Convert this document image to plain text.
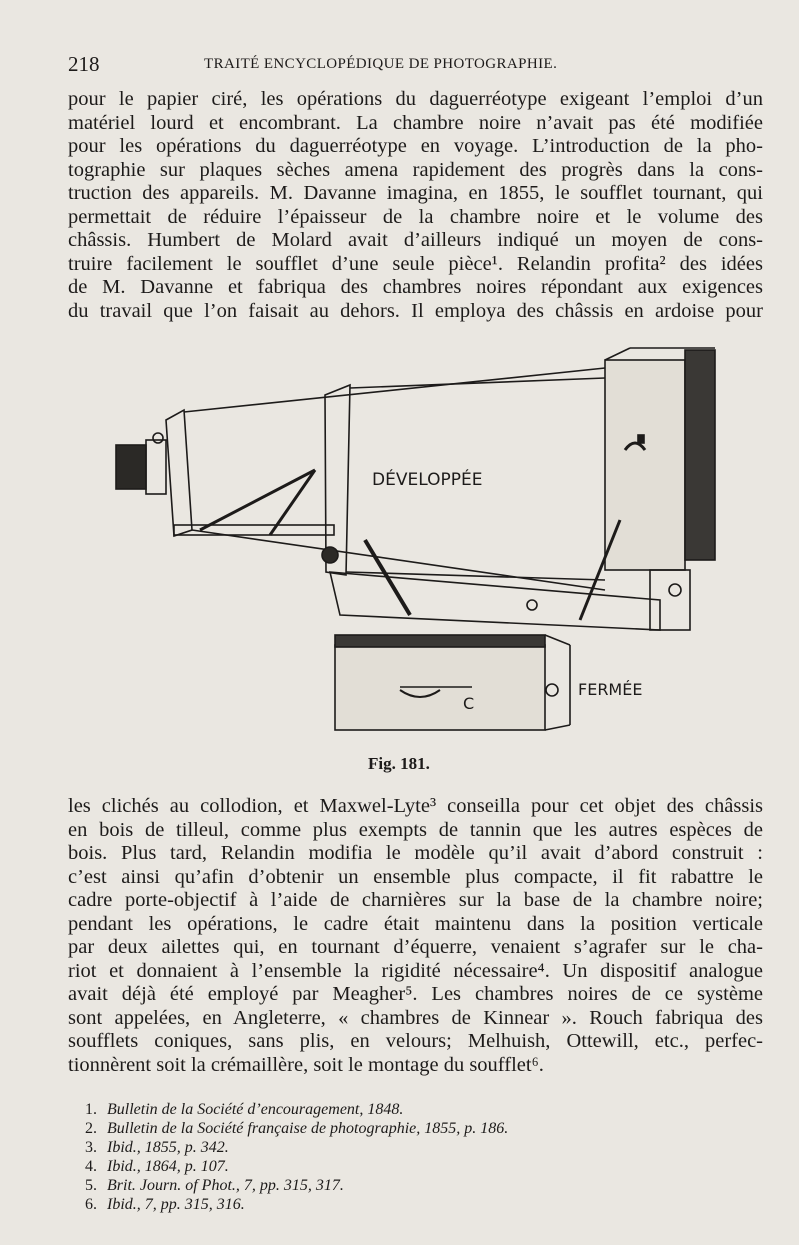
218	TRAITÉ ENCYCLOPÉDIQUE DE PHOTOGRAPHIE.
pour le papier ciré, les opérations du daguerréotype exigeant l’emploi d’un
matériel lourd et encombrant. La chambre noire n’avait pas été modifiée
pour les opérations du daguerréotype en voyage. L’introduction de la pho-
tographie sur plaques sèches amena rapidement des progrès dans la cons-
truction des appareils. M. Davanne imagina, en 1855, le soufflet tournant, qui
permettait de réduire l’épaisseur de la chambre noire et le volume des
châssis. Humbert de Molard avait d’ailleurs indiqué un moyen de cons-
truire facilement le soufflet d’une seule pièce¹. Relandin profita² des idées
de M. Davanne et fabriqua des chambres noires répondant aux exigences
du travail que l’on faisait au dehors. Il employa des châssis en ardoise pour
DÉVELOPPÉE
FERMÉE
C
Fig. 181.
les clichés au collodion, et Maxwel-Lyte³ conseilla pour cet objet des châssis
en bois de tilleul, comme plus exempts de tannin que les autres espèces de
bois. Plus tard, Relandin modifia le modèle qu’il avait d’abord construit :
c’est ainsi qu’afin d’obtenir un ensemble plus compacte, il fit rabattre le
cadre porte-objectif à l’aide de charnières sur la base de la chambre noire;
pendant les opérations, le cadre était maintenu dans la position verticale
par deux ailettes qui, en tournant d’équerre, venaient s’agrafer sur le cha-
riot et donnaient à l’ensemble la rigidité nécessaire⁴. Un dispositif analogue
avait déjà été employé par Meagher⁵. Les chambres noires de ce système
sont appelées, en Angleterre, « chambres de Kinnear ». Rouch fabriqua des
soufflets coniques, sans plis, en velours; Melhuish, Ottewill, etc., perfec-
tionnèrent soit la crémaillère, soit le montage du soufflet⁶.
1. Bulletin de la Société d’encouragement, 1848.
2. Bulletin de la Société française de photographie, 1855, p. 186.
3. Ibid., 1855, p. 342.
4. Ibid., 1864, p. 107.
5. Brit. Journ. of Phot., 7, pp. 315, 317.
6. Ibid., 7, pp. 315, 316.
